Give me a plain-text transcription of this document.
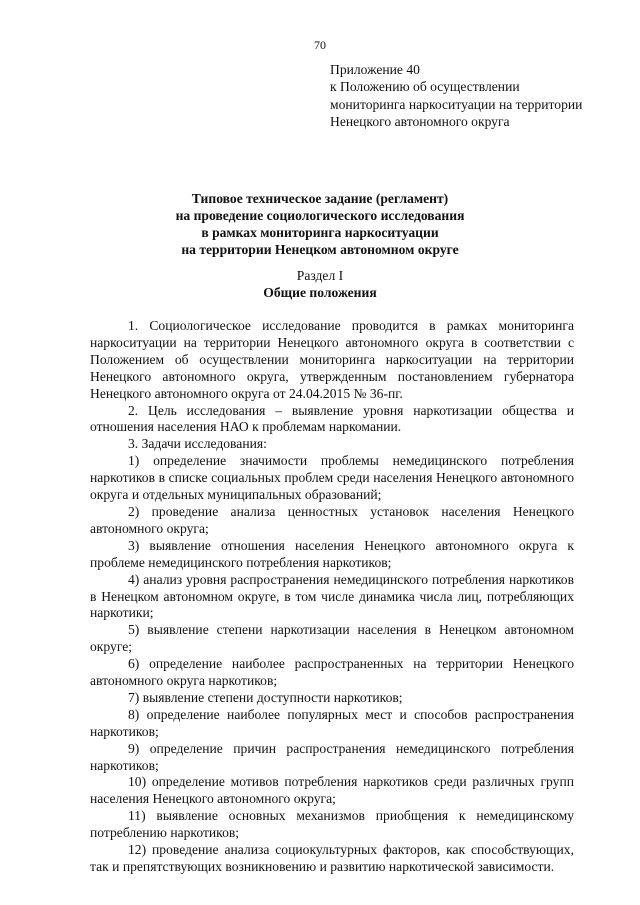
70
Приложение 40
к Положению об осуществлении
мониторинга наркоситуации на территории
Ненецкого автономного округа
Типовое техническое задание (регламент)
на проведение социологического исследования
в рамках мониторинга наркоситуации
на территории Ненецком автономном округе
Раздел I
Общие положения

1. Социологическое исследование проводится в рамках мониторинга наркоситуации на территории Ненецкого автономного округа в соответствии с Положением об осуществлении мониторинга наркоситуации на территории Ненецкого автономного округа, утвержденным постановлением губернатора Ненецкого автономного округа от 24.04.2015 № 36-пг.

2. Цель исследования – выявление уровня наркотизации общества и отношения населения НАО к проблемам наркомании.

3. Задачи исследования:

1) определение значимости проблемы немедицинского потребления наркотиков в списке социальных проблем среди населения Ненецкого автономного округа и отдельных муниципальных образований;

2) проведение анализа ценностных установок населения Ненецкого автономного округа;

3) выявление отношения населения Ненецкого автономного округа к проблеме немедицинского потребления наркотиков;

4) анализ уровня распространения немедицинского потребления наркотиков в Ненецком автономном округе, в том числе динамика числа лиц, потребляющих наркотики;

5) выявление степени наркотизации населения в Ненецком автономном округе;

6) определение наиболее распространенных на территории Ненецкого автономного округа наркотиков;

7) выявление степени доступности наркотиков;

8) определение наиболее популярных мест и способов распространения наркотиков;

9) определение причин распространения немедицинского потребления наркотиков;

10) определение мотивов потребления наркотиков среди различных групп населения Ненецкого автономного округа;

11) выявление основных механизмов приобщения к немедицинскому потреблению наркотиков;

12) проведение анализа социокультурных факторов, как способствующих, так и препятствующих возникновению и развитию наркотической зависимости.
